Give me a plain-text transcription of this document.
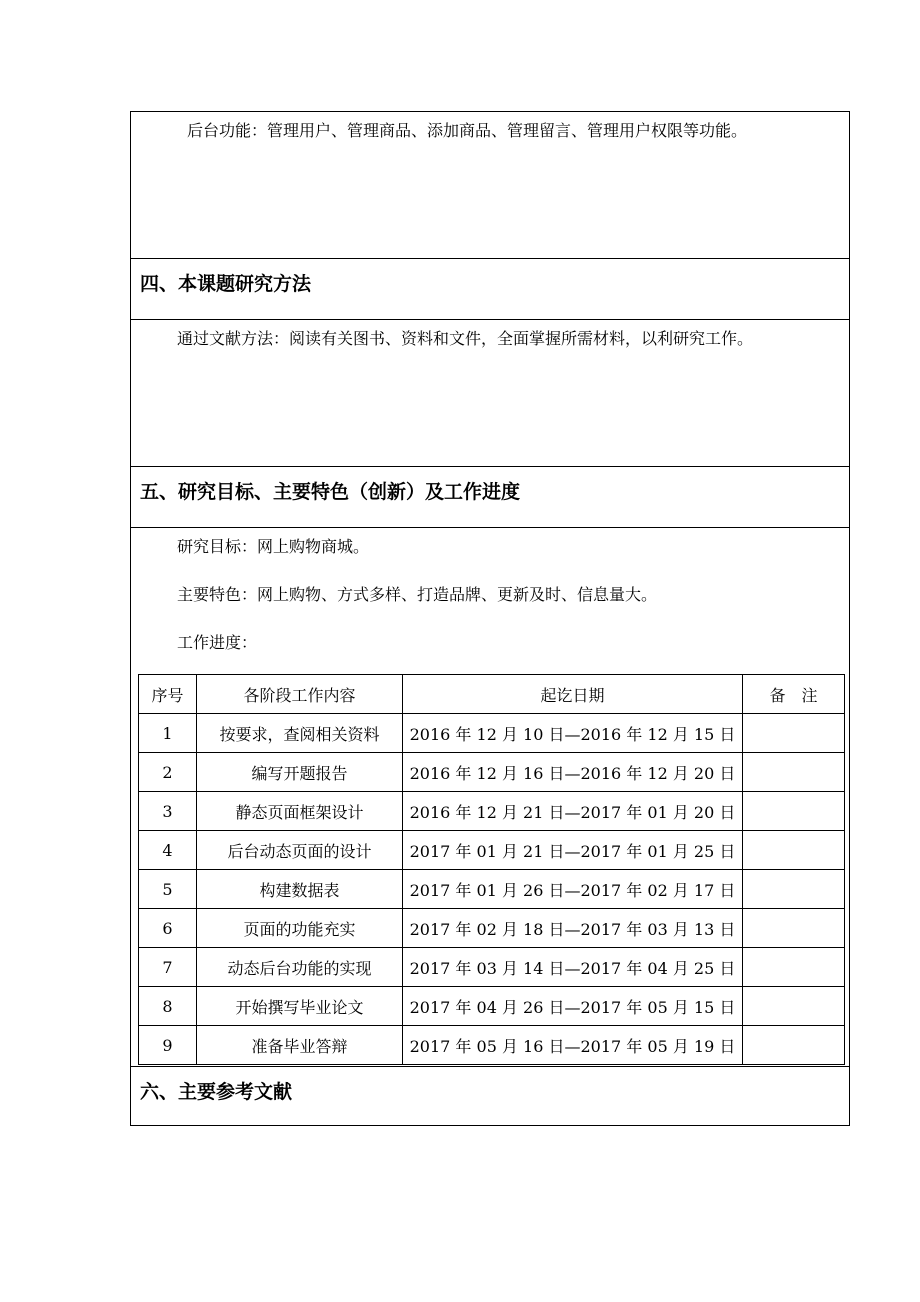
后台功能：管理用户、管理商品、添加商品、管理留言、管理用户权限等功能。
四、本课题研究方法
通过文献方法：阅读有关图书、资料和文件，全面掌握所需材料，以利研究工作。
五、研究目标、主要特色（创新）及工作进度
研究目标：网上购物商城。
主要特色：网上购物、方式多样、打造品牌、更新及时、信息量大。
工作进度：
序号	各阶段工作内容	起讫日期	备　注
1	按要求，查阅相关资料	2016 年 12 月 10 日—2016 年 12 月 15 日	
2	编写开题报告	2016 年 12 月 16 日—2016 年 12 月 20 日	
3	静态页面框架设计	2016 年 12 月 21 日—2017 年 01 月 20 日	
4	后台动态页面的设计	2017 年 01 月 21 日—2017 年 01 月 25 日	
5	构建数据表	2017 年 01 月 26 日—2017 年 02 月 17 日	
6	页面的功能充实	2017 年 02 月 18 日—2017 年 03 月 13 日	
7	动态后台功能的实现	2017 年 03 月 14 日—2017 年 04 月 25 日	
8	开始撰写毕业论文	2017 年 04 月 26 日—2017 年 05 月 15 日	
9	准备毕业答辩	2017 年 05 月 16 日—2017 年 05 月 19 日	
六、主要参考文献
